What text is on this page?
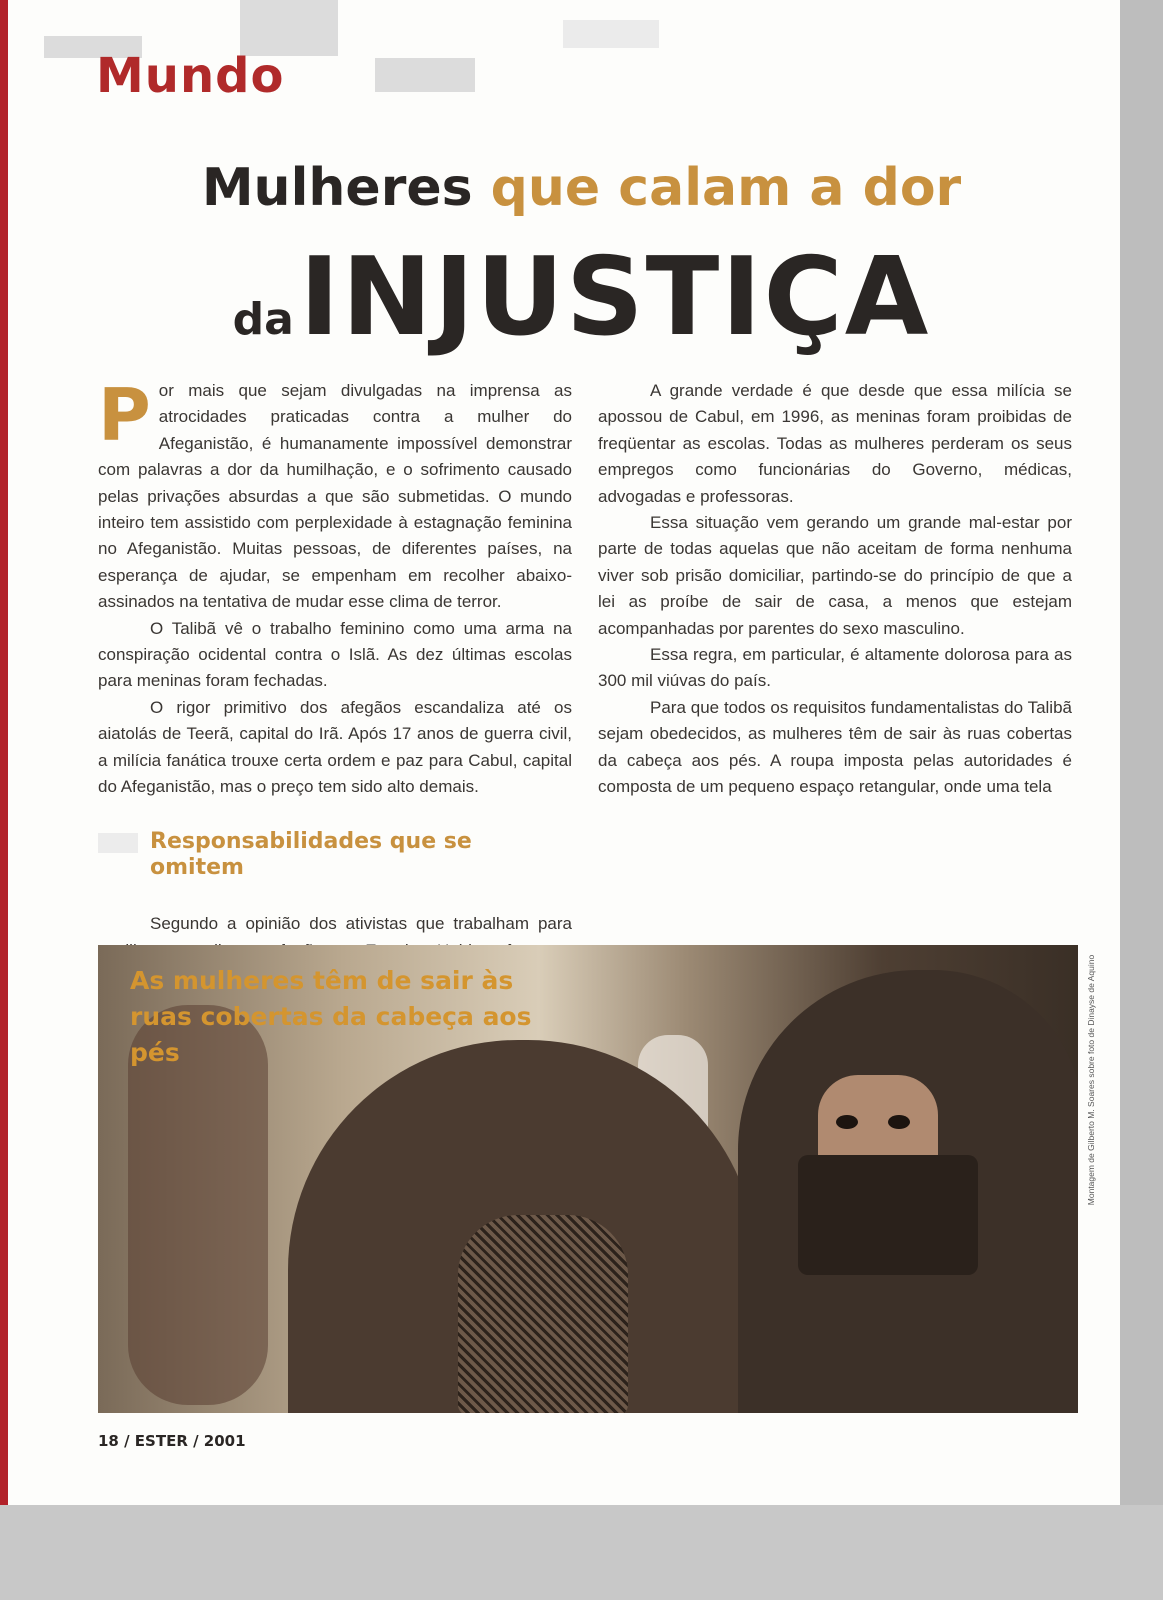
Mundo
Mulheres que calam a dor
da INJUSTIÇA

Por mais que sejam divulgadas na imprensa as atrocidades praticadas contra a mulher do Afeganistão, é humanamente impossível demonstrar com palavras a dor da humilhação, e o sofrimento causado pelas privações absurdas a que são submetidas. O mundo inteiro tem assistido com perplexidade à estagnação feminina no Afeganistão. Muitas pessoas, de diferentes países, na esperança de ajudar, se empenham em recolher abaixo-assinados na tentativa de mudar esse clima de terror.

O Talibã vê o trabalho feminino como uma arma na conspiração ocidental contra o Islã. As dez últimas escolas para meninas foram fechadas.

O rigor primitivo dos afegãos escandaliza até os aiatolás de Teerã, capital do Irã. Após 17 anos de guerra civil, a milícia fanática trouxe certa ordem e paz para Cabul, capital do Afeganistão, mas o preço tem sido alto demais.

Responsabilidades que se omitem

Segundo a opinião dos ativistas que trabalham para

A grande verdade é que desde que essa milícia se apossou de Cabul, em 1996, as meninas foram proibidas de freqüentar as escolas. Todas as mulheres perderam os seus empregos como funcionárias do Governo, médicas, advogadas e professoras.

Essa situação vem gerando um grande mal-estar por parte de todas aquelas que não aceitam de forma nenhuma viver sob prisão domiciliar, partindo-se do princípio de que a lei as proíbe de sair de casa, a menos que estejam acompanhadas por parentes do sexo masculino.

Essa regra, em particular, é altamente dolorosa para as 300 mil viúvas do país.

Para que todos os requisitos fundamentalistas do Talibã sejam obedecidos, as mulheres têm de sair às ruas cobertas da cabeça aos pés. A roupa imposta pelas autoridades é composta de um pequeno espaço retangular, onde uma tela

As mulheres têm de sair às ruas cobertas da cabeça aos pés	Montagem de Gilberto M. Soares sobre foto de Dinayse de Aquino
18 / ESTER / 2001
